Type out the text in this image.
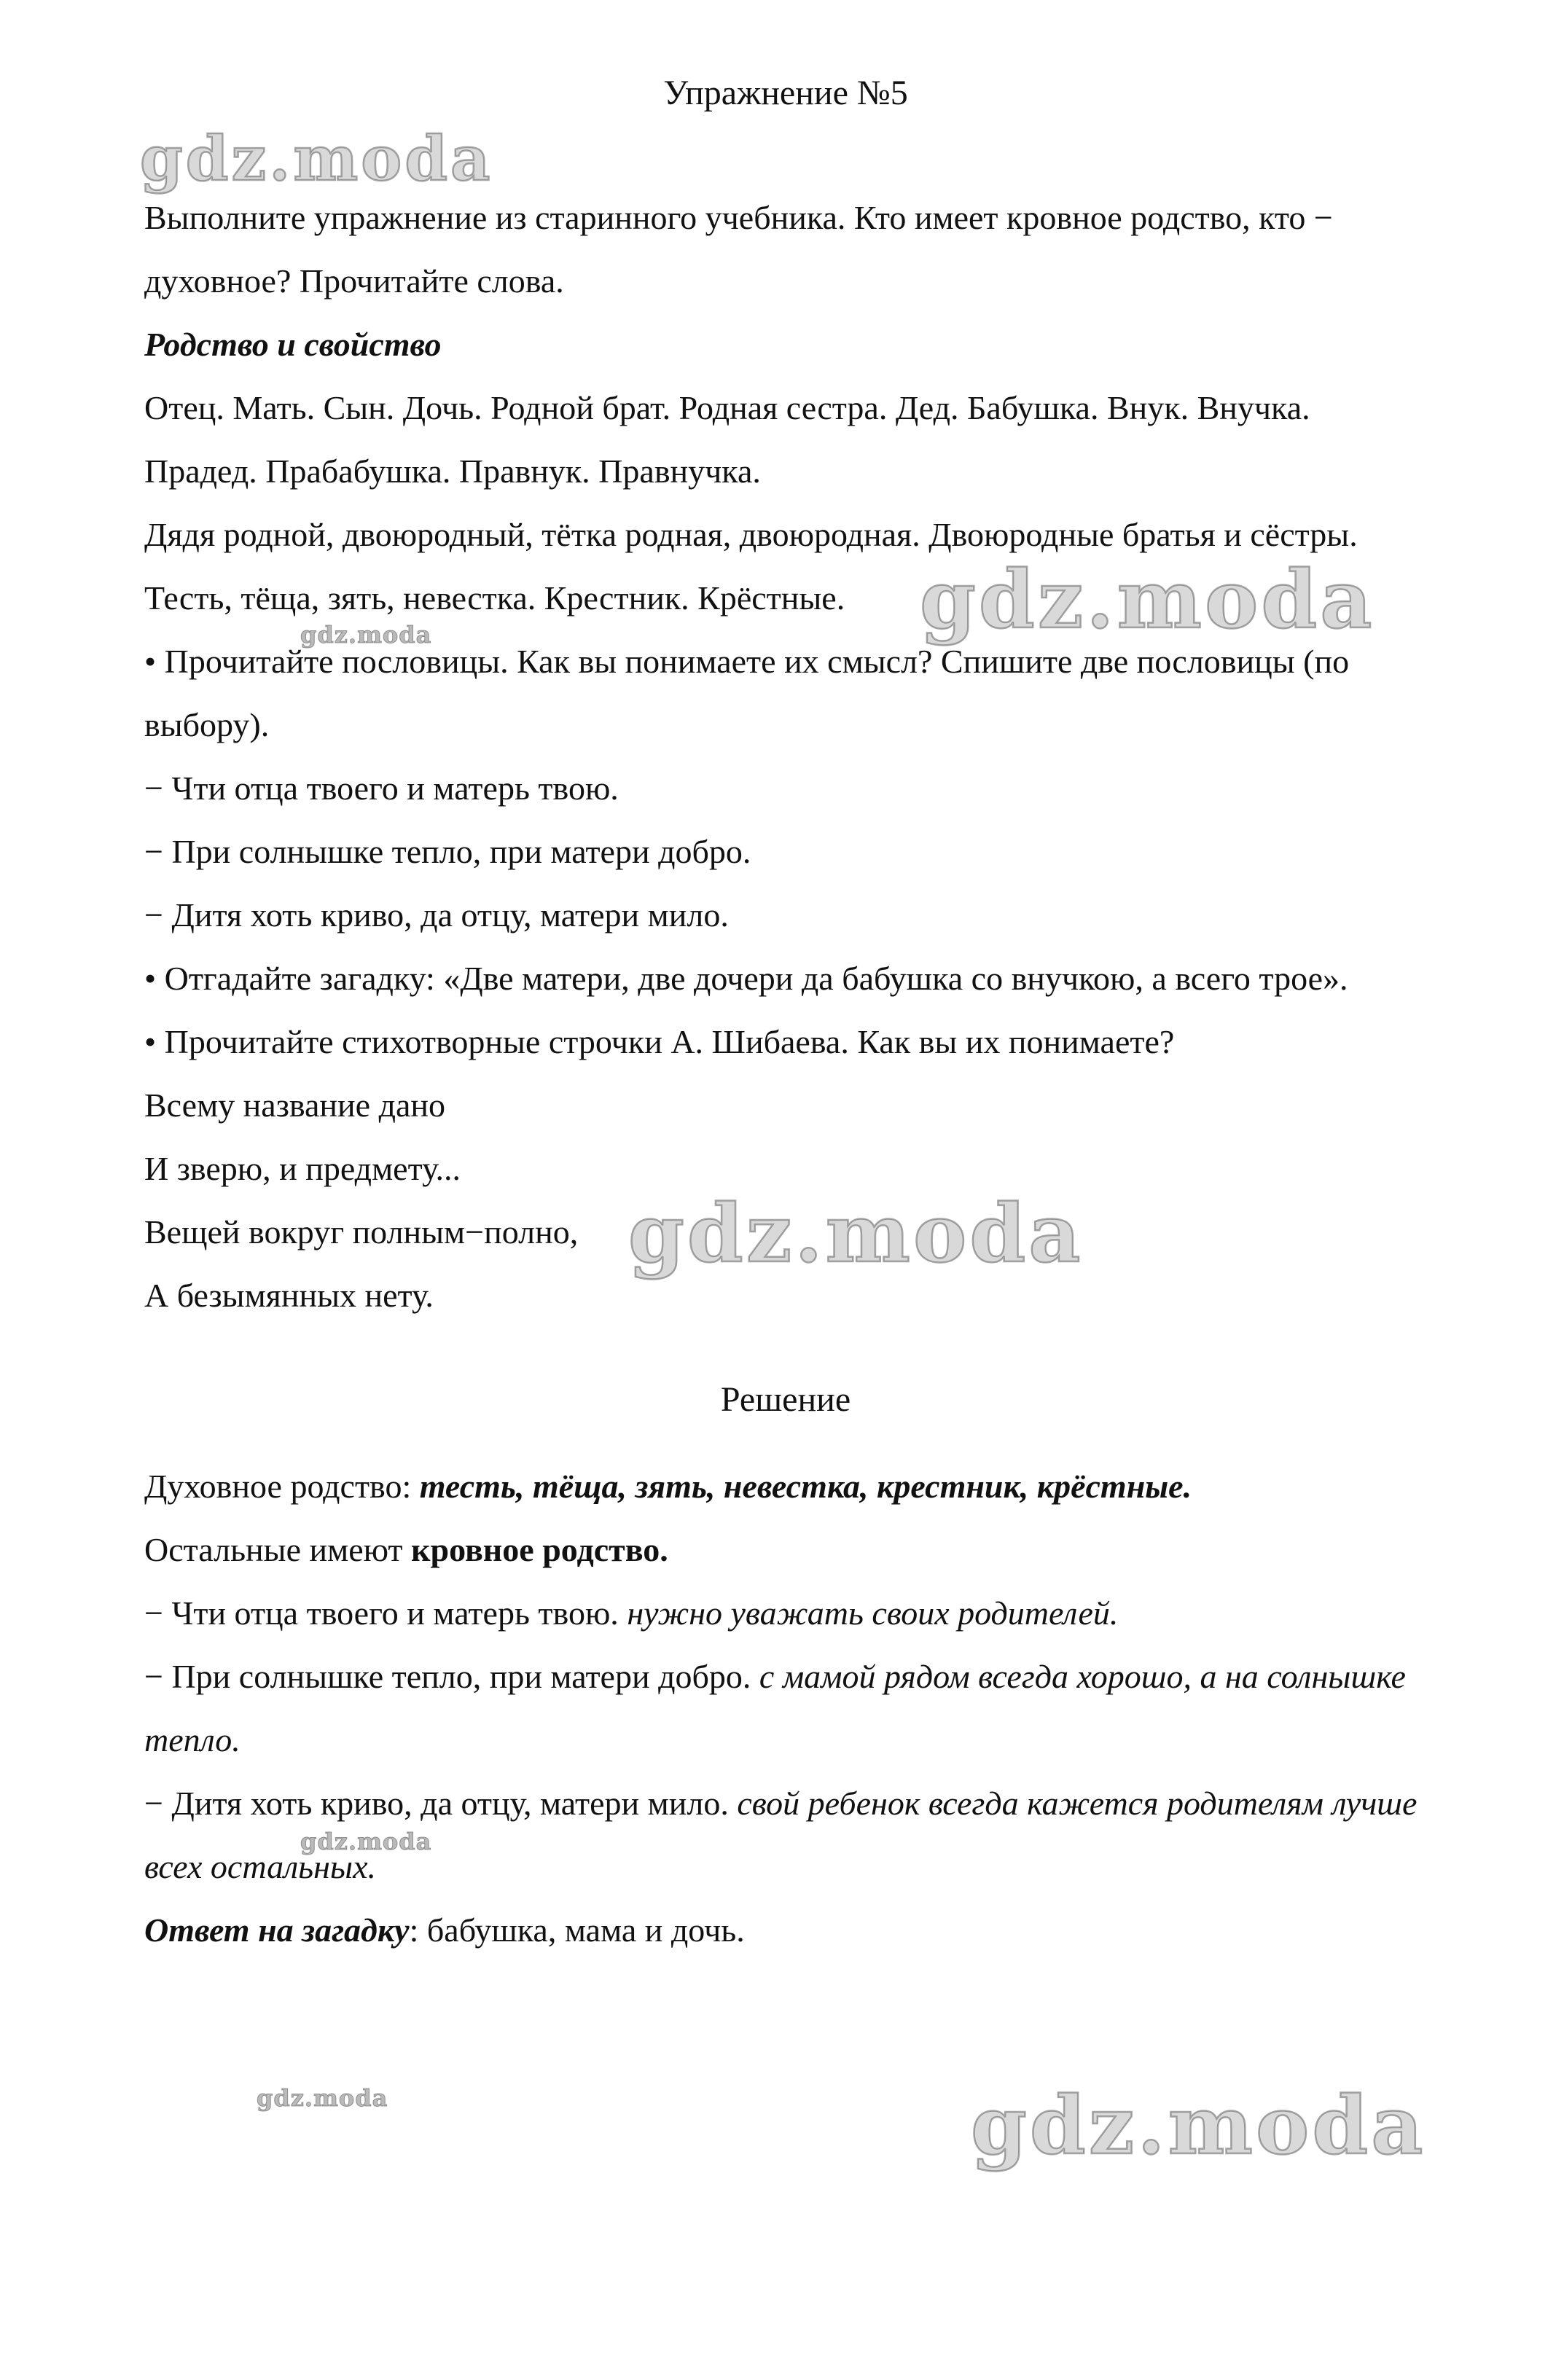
Упражнение №5

Выполните упражнение из старинного учебника. Кто имеет кровное родство, кто − духовное? Прочитайте слова.

Родство и свойство

Отец. Мать. Сын. Дочь. Родной брат. Родная сестра. Дед. Бабушка. Внук. Внучка. Прадед. Прабабушка. Правнук. Правнучка.

Дядя родной, двоюродный, тётка родная, двоюродная. Двоюродные братья и сёстры.

Тесть, тёща, зять, невестка. Крестник. Крёстные.

• Прочитайте пословицы. Как вы понимаете их смысл? Спишите две пословицы (по выбору).

− Чти отца твоего и матерь твою.

− При солнышке тепло, при матери добро.

− Дитя хоть криво, да отцу, матери мило.

• Отгадайте загадку: «Две матери, две дочери да бабушка со внучкою, а всего трое».

• Прочитайте стихотворные строчки А. Шибаева. Как вы их понимаете?

Всему название дано

И зверю, и предмету...

Вещей вокруг полным−полно,

А безымянных нету.

Решение

Духовное родство: тесть, тёща, зять, невестка, крестник, крёстные.

Остальные имеют кровное родство.

− Чти отца твоего и матерь твою. нужно уважать своих родителей.

− При солнышке тепло, при матери добро. с мамой рядом всегда хорошо, а на солнышке тепло.

− Дитя хоть криво, да отцу, матери мило. свой ребенок всегда кажется родителям лучше всех остальных.

Ответ на загадку: бабушка, мама и дочь.

gdz.moda
gdz.moda
gdz.moda
gdz.moda
gdz.moda
gdz.moda
gdz.moda
